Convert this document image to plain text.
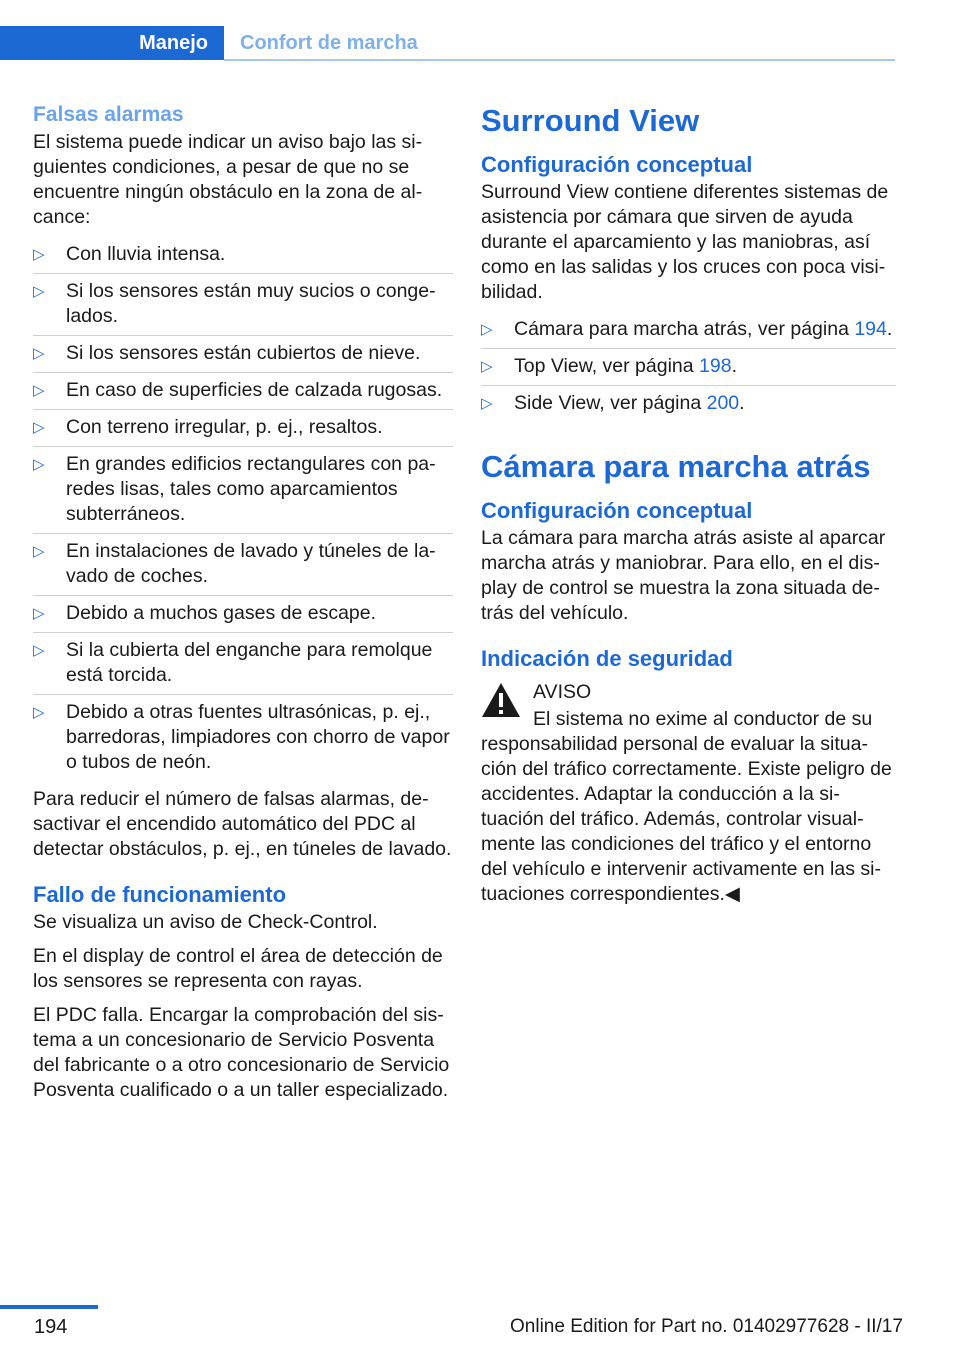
Manejo	Confort de marcha
Falsas alarmas

El sistema puede indicar un aviso bajo las siguientes condiciones, a pesar de que no se encuentre ningún obstáculo en la zona de alcance:

▷ Con lluvia intensa.
▷ Si los sensores están muy sucios o congelados.
▷ Si los sensores están cubiertos de nieve.
▷ En caso de superficies de calzada rugosas.
▷ Con terreno irregular, p. ej., resaltos.
▷ En grandes edificios rectangulares con paredes lisas, tales como aparcamientos subterráneos.
▷ En instalaciones de lavado y túneles de lavado de coches.
▷ Debido a muchos gases de escape.
▷ Si la cubierta del enganche para remolque está torcida.
▷ Debido a otras fuentes ultrasónicas, p. ej., barredoras, limpiadores con chorro de vapor o tubos de neón.

Para reducir el número de falsas alarmas, desactivar el encendido automático del PDC al detectar obstáculos, p. ej., en túneles de lavado.

Fallo de funcionamiento

Se visualiza un aviso de Check-Control.

En el display de control el área de detección de los sensores se representa con rayas.

El PDC falla. Encargar la comprobación del sistema a un concesionario de Servicio Posventa del fabricante o a otro concesionario de Servicio Posventa cualificado o a un taller especializado.

Surround View
Configuración conceptual

Surround View contiene diferentes sistemas de asistencia por cámara que sirven de ayuda durante el aparcamiento y las maniobras, así como en las salidas y los cruces con poca visibilidad.

▷ Cámara para marcha atrás, ver página 194.
▷ Top View, ver página 198.
▷ Side View, ver página 200.
Cámara para marcha atrás
Configuración conceptual

La cámara para marcha atrás asiste al aparcar marcha atrás y maniobrar. Para ello, en el display de control se muestra la zona situada detrás del vehículo.

Indicación de seguridad
AVISO
El sistema no exime al conductor de su
responsabilidad personal de evaluar la situación del tráfico correctamente. Existe peligro de accidentes. Adaptar la conducción a la situación del tráfico. Además, controlar visualmente las condiciones del tráfico y el entorno del vehículo e intervenir activamente en las situaciones correspondientes.◀
194	Online Edition for Part no. 01402977628 - II/17
